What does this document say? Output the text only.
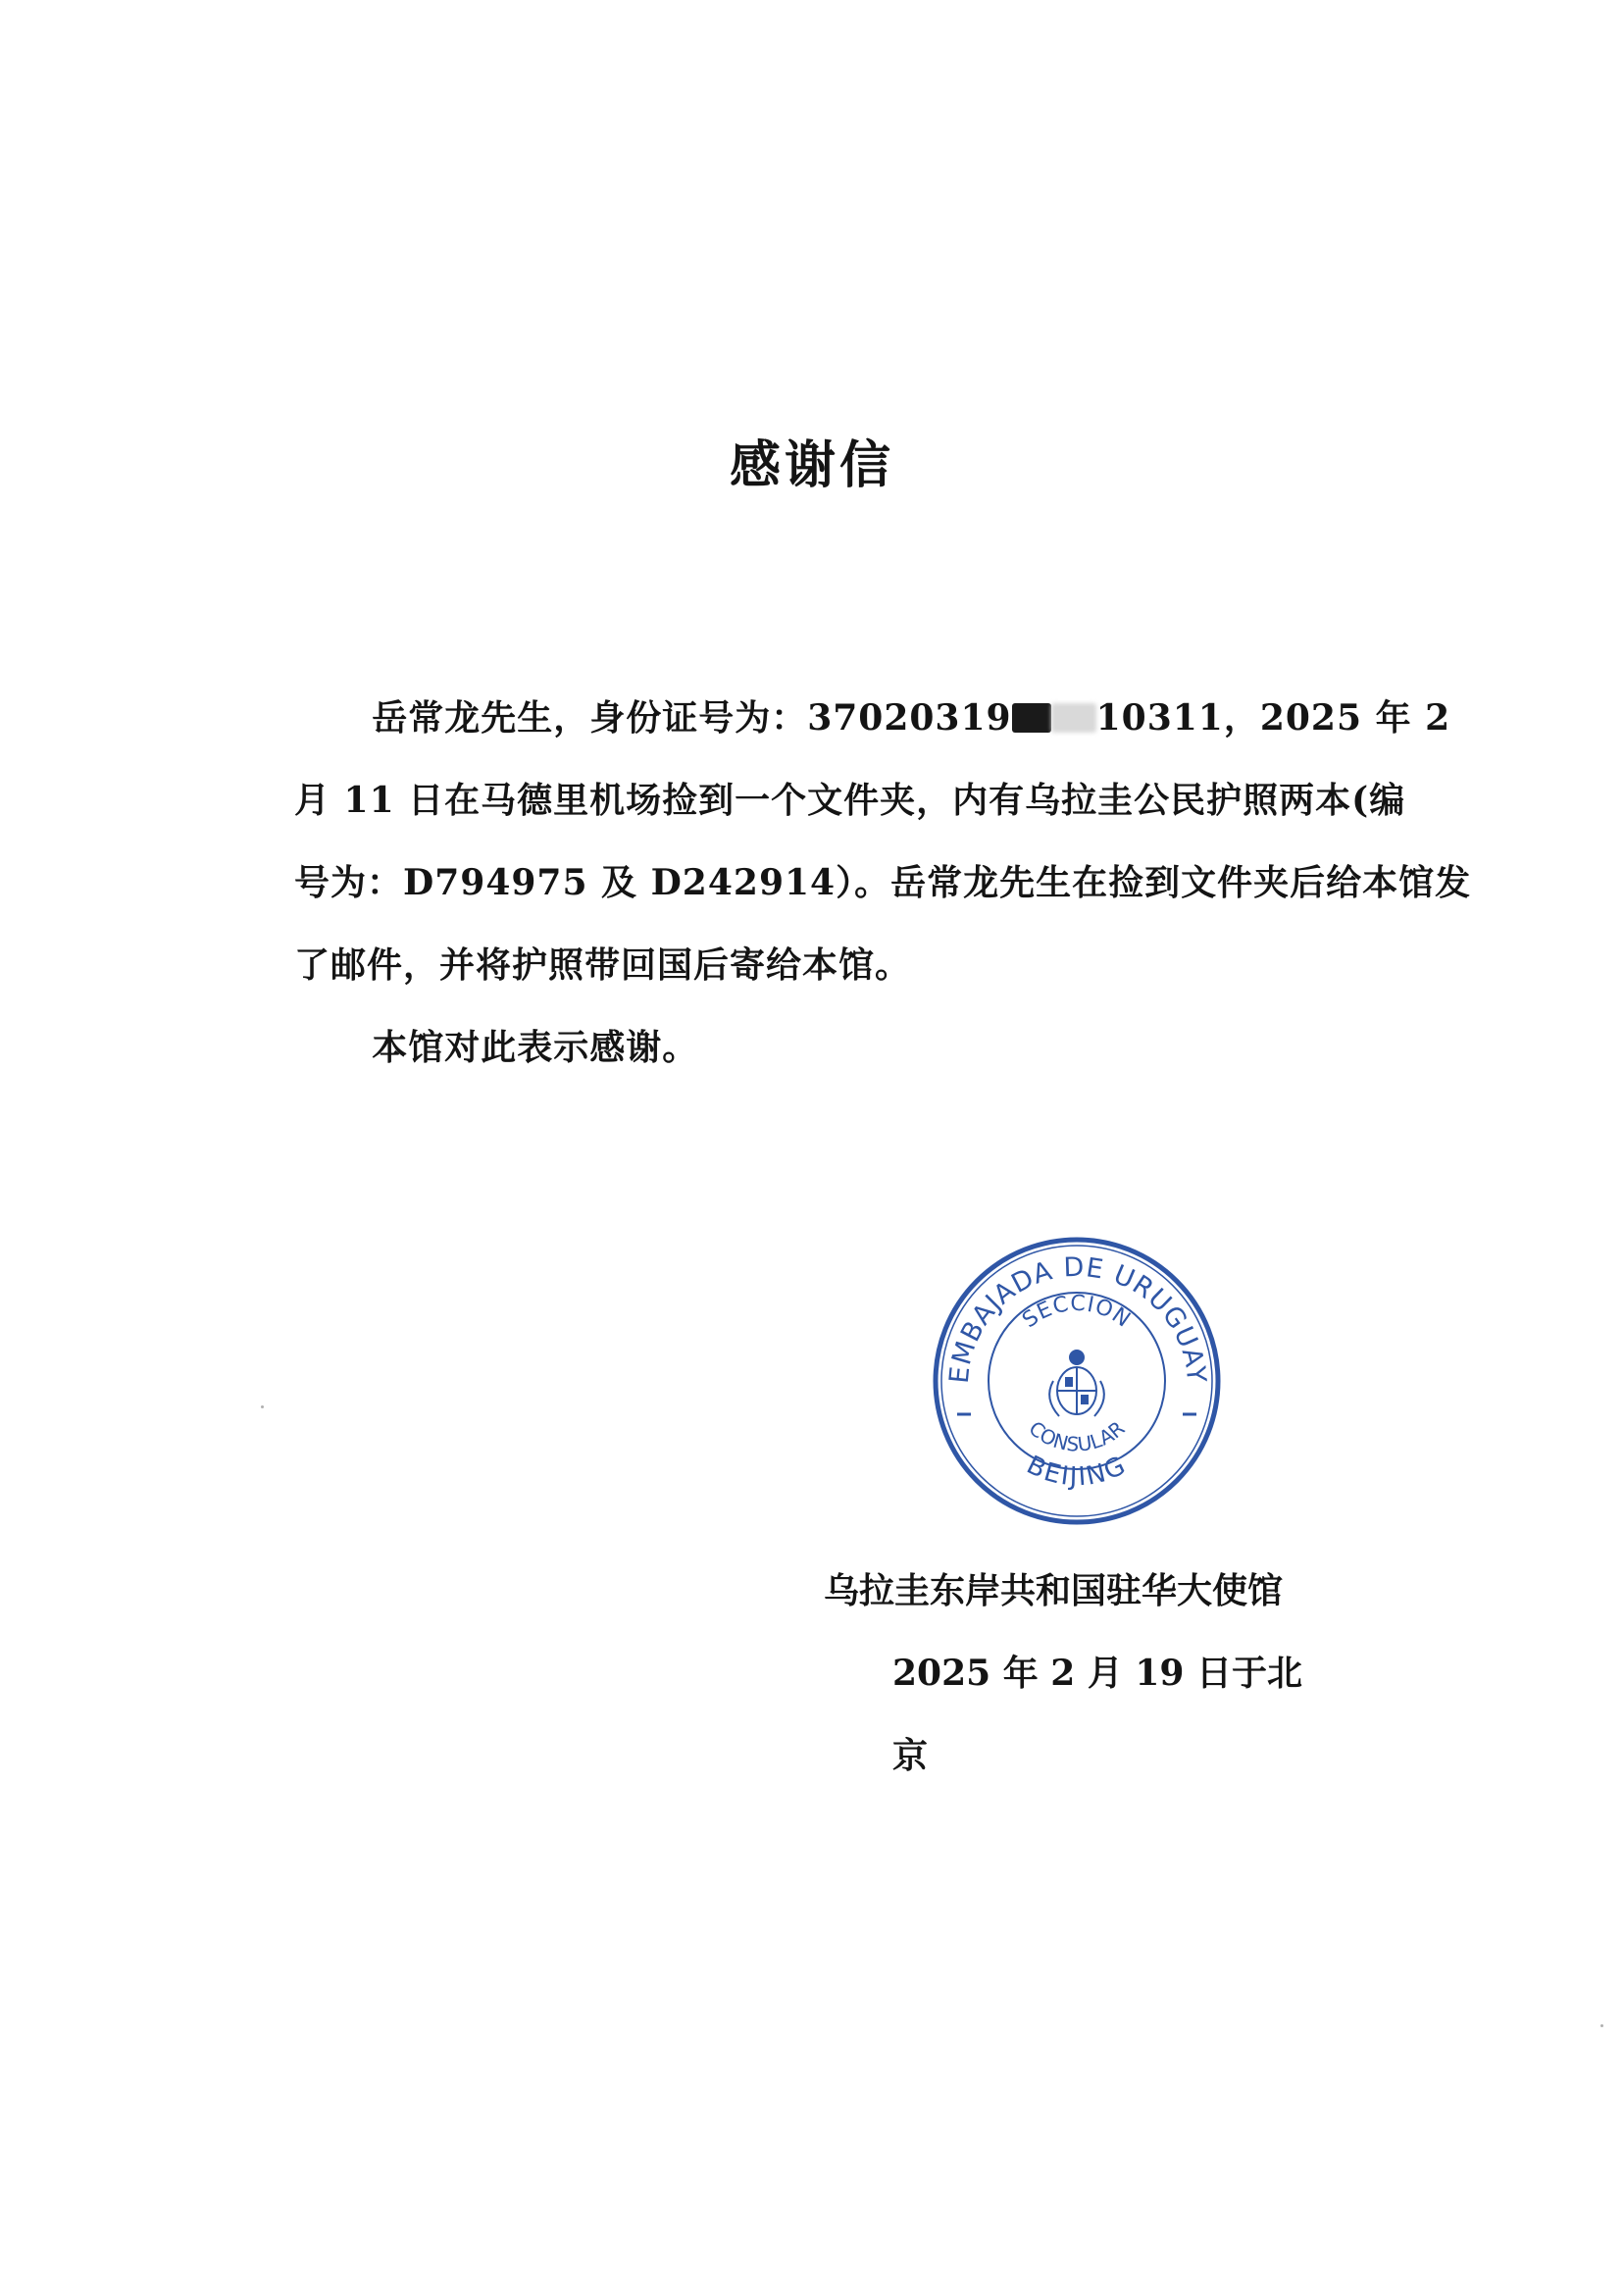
感谢信

岳常龙先生，身份证号为：37020319 10311，2025 年 2

月 11 日在马德里机场捡到一个文件夹，内有乌拉圭公民护照两本(编
号为：D794975 及 D242914）。岳常龙先生在捡到文件夹后给本馆发
了邮件，并将护照带回国后寄给本馆。

本馆对此表示感谢。

EMBAJADA DE URUGUAY
SECCION
CONSULAR
BEIJING
乌拉圭东岸共和国驻华大使馆
2025 年 2 月 19 日于北京
